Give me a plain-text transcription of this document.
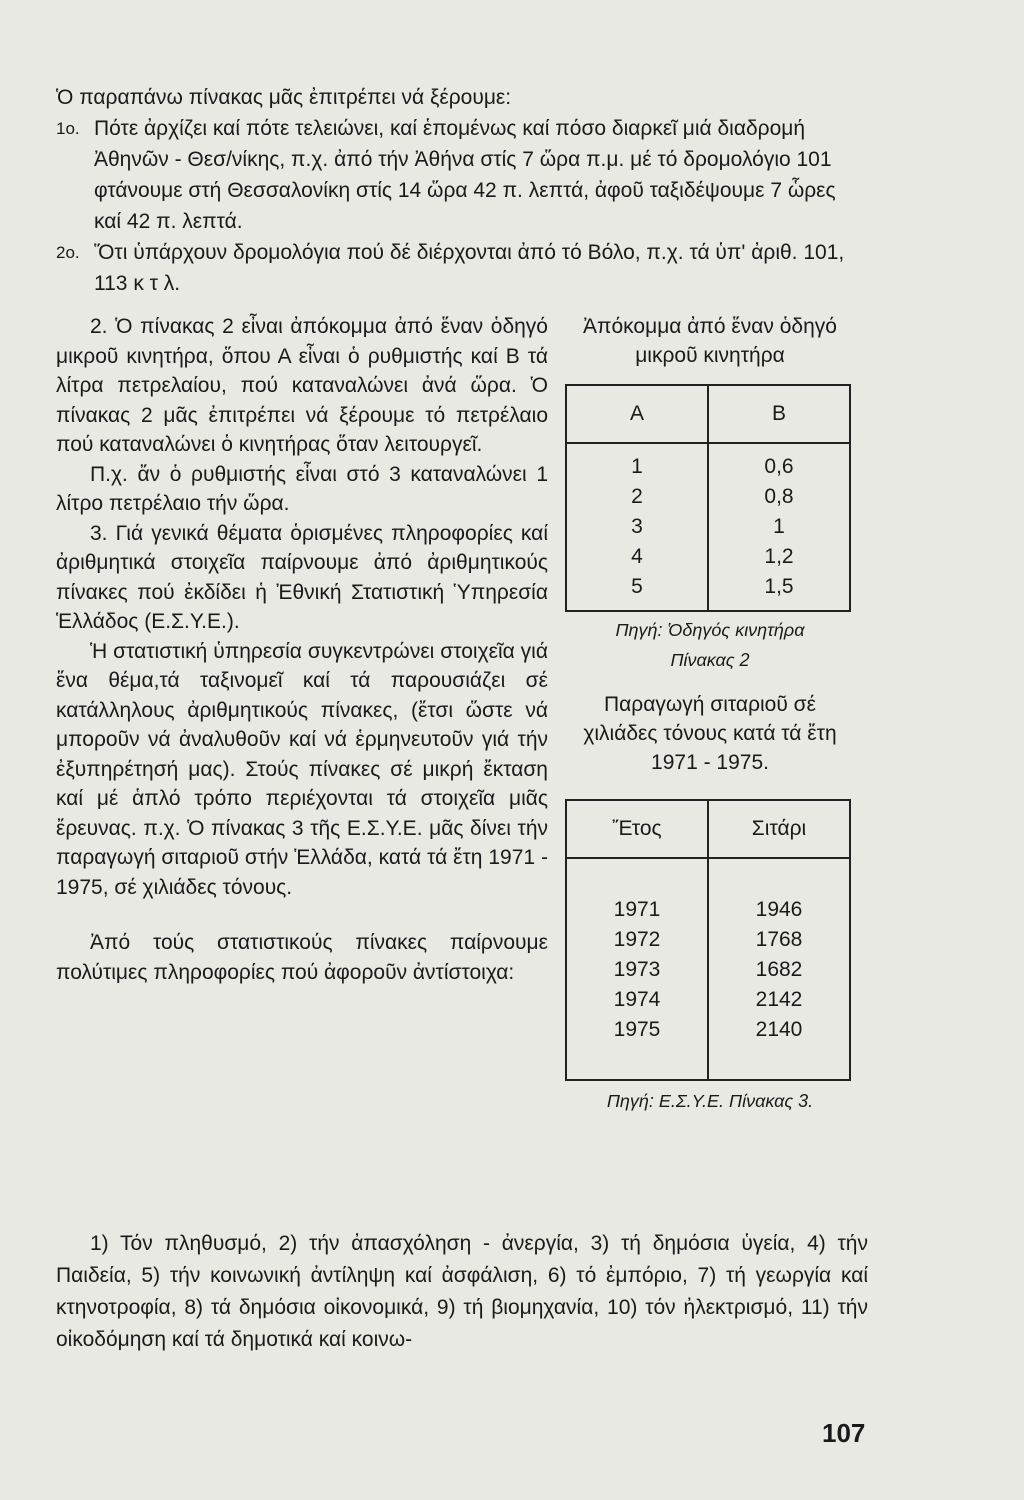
Ὁ παραπάνω πίνακας μᾶς ἐπιτρέπει νά ξέρουμε:

1ο. Πότε ἀρχίζει καί πότε τελειώνει, καί ἑπομένως καί πόσο διαρκεῖ μιά διαδρομή Ἀθηνῶν - Θεσ/νίκης, π.χ. ἀπό τήν Ἀθήνα στίς 7 ὥρα π.μ. μέ τό δρομολόγιο 101 φτάνουμε στή Θεσσαλονίκη στίς 14 ὥρα 42 π. λεπτά, ἀφοῦ ταξιδέψουμε 7 ὧρες καί 42 π. λεπτά.
2ο. Ὅτι ὑπάρχουν δρομολόγια πού δέ διέρχονται ἀπό τό Βόλο, π.χ. τά ὑπ' ἀριθ. 101, 113 κ τ λ.

2. Ὁ πίνακας 2 εἶναι ἀπόκομμα ἀπό ἕναν ὁδηγό μικροῦ κινητήρα, ὅπου Α εἶναι ὁ ρυθμιστής καί Β τά λίτρα πετρελαίου, πού καταναλώνει ἀνά ὥρα. Ὁ πίνακας 2 μᾶς ἐπιτρέπει νά ξέρουμε τό πετρέλαιο πού καταναλώνει ὁ κινητήρας ὅταν λειτουργεῖ.

Π.χ. ἄν ὁ ρυθμιστής εἶναι στό 3 καταναλώνει 1 λίτρο πετρέλαιο τήν ὥρα.

3. Γιά γενικά θέματα ὁρισμένες πληροφορίες καί ἀριθμητικά στοιχεῖα παίρνουμε ἀπό ἀριθμητικούς πίνακες πού ἐκδίδει ἡ Ἐθνική Στατιστική Ὑπηρεσία Ἑλλάδος (Ε.Σ.Υ.Ε.).

Ἡ στατιστική ὑπηρεσία συγκεντρώνει στοιχεῖα γιά ἕνα θέμα,τά ταξινομεῖ καί τά παρουσιάζει σέ κατάλληλους ἀριθμητικούς πίνακες, (ἔτσι ὥστε νά μποροῦν νά ἀναλυθοῦν καί νά ἑρμηνευτοῦν γιά τήν ἐξυπηρέτησή μας). Στούς πίνακες σέ μικρή ἔκταση καί μέ ἁπλό τρόπο περιέχονται τά στοιχεῖα μιᾶς ἔρευνας. π.χ. Ὁ πίνακας 3 τῆς Ε.Σ.Υ.Ε. μᾶς δίνει τήν παραγωγή σιταριοῦ στήν Ἑλλάδα, κατά τά ἔτη 1971 - 1975, σέ χιλιάδες τόνους.

Ἀπό τούς στατιστικούς πίνακες παίρνουμε πολύτιμες πληροφορίες πού ἀφοροῦν ἀντίστοιχα:

Ἀπόκομμα ἀπό ἕναν ὁδηγό μικροῦ κινητήρα

A	B
1	0,6
2	0,8
3	1
4	1,2
5	1,5

Πηγή: Ὁδηγός κινητήρα

Πίνακας 2

Παραγωγή σιταριοῦ σέ χιλιάδες τόνους κατά τά ἔτη 1971 - 1975.

Ἔτος	Σιτάρι
1971	1946
1972	1768
1973	1682
1974	2142
1975	2140

Πηγή: Ε.Σ.Υ.Ε. Πίνακας 3.

1) Τόν πληθυσμό, 2) τήν ἀπασχόληση - ἀνεργία, 3) τή δημόσια ὑγεία, 4) τήν Παιδεία, 5) τήν κοινωνική ἀντίληψη καί ἀσφάλιση, 6) τό ἐμπόριο, 7) τή γεωργία καί κτηνοτροφία, 8) τά δημόσια οἰκονομικά, 9) τή βιομηχανία, 10) τόν ἠλεκτρισμό, 11) τήν οἰκοδόμηση καί τά δημοτικά καί κοινω-

107
